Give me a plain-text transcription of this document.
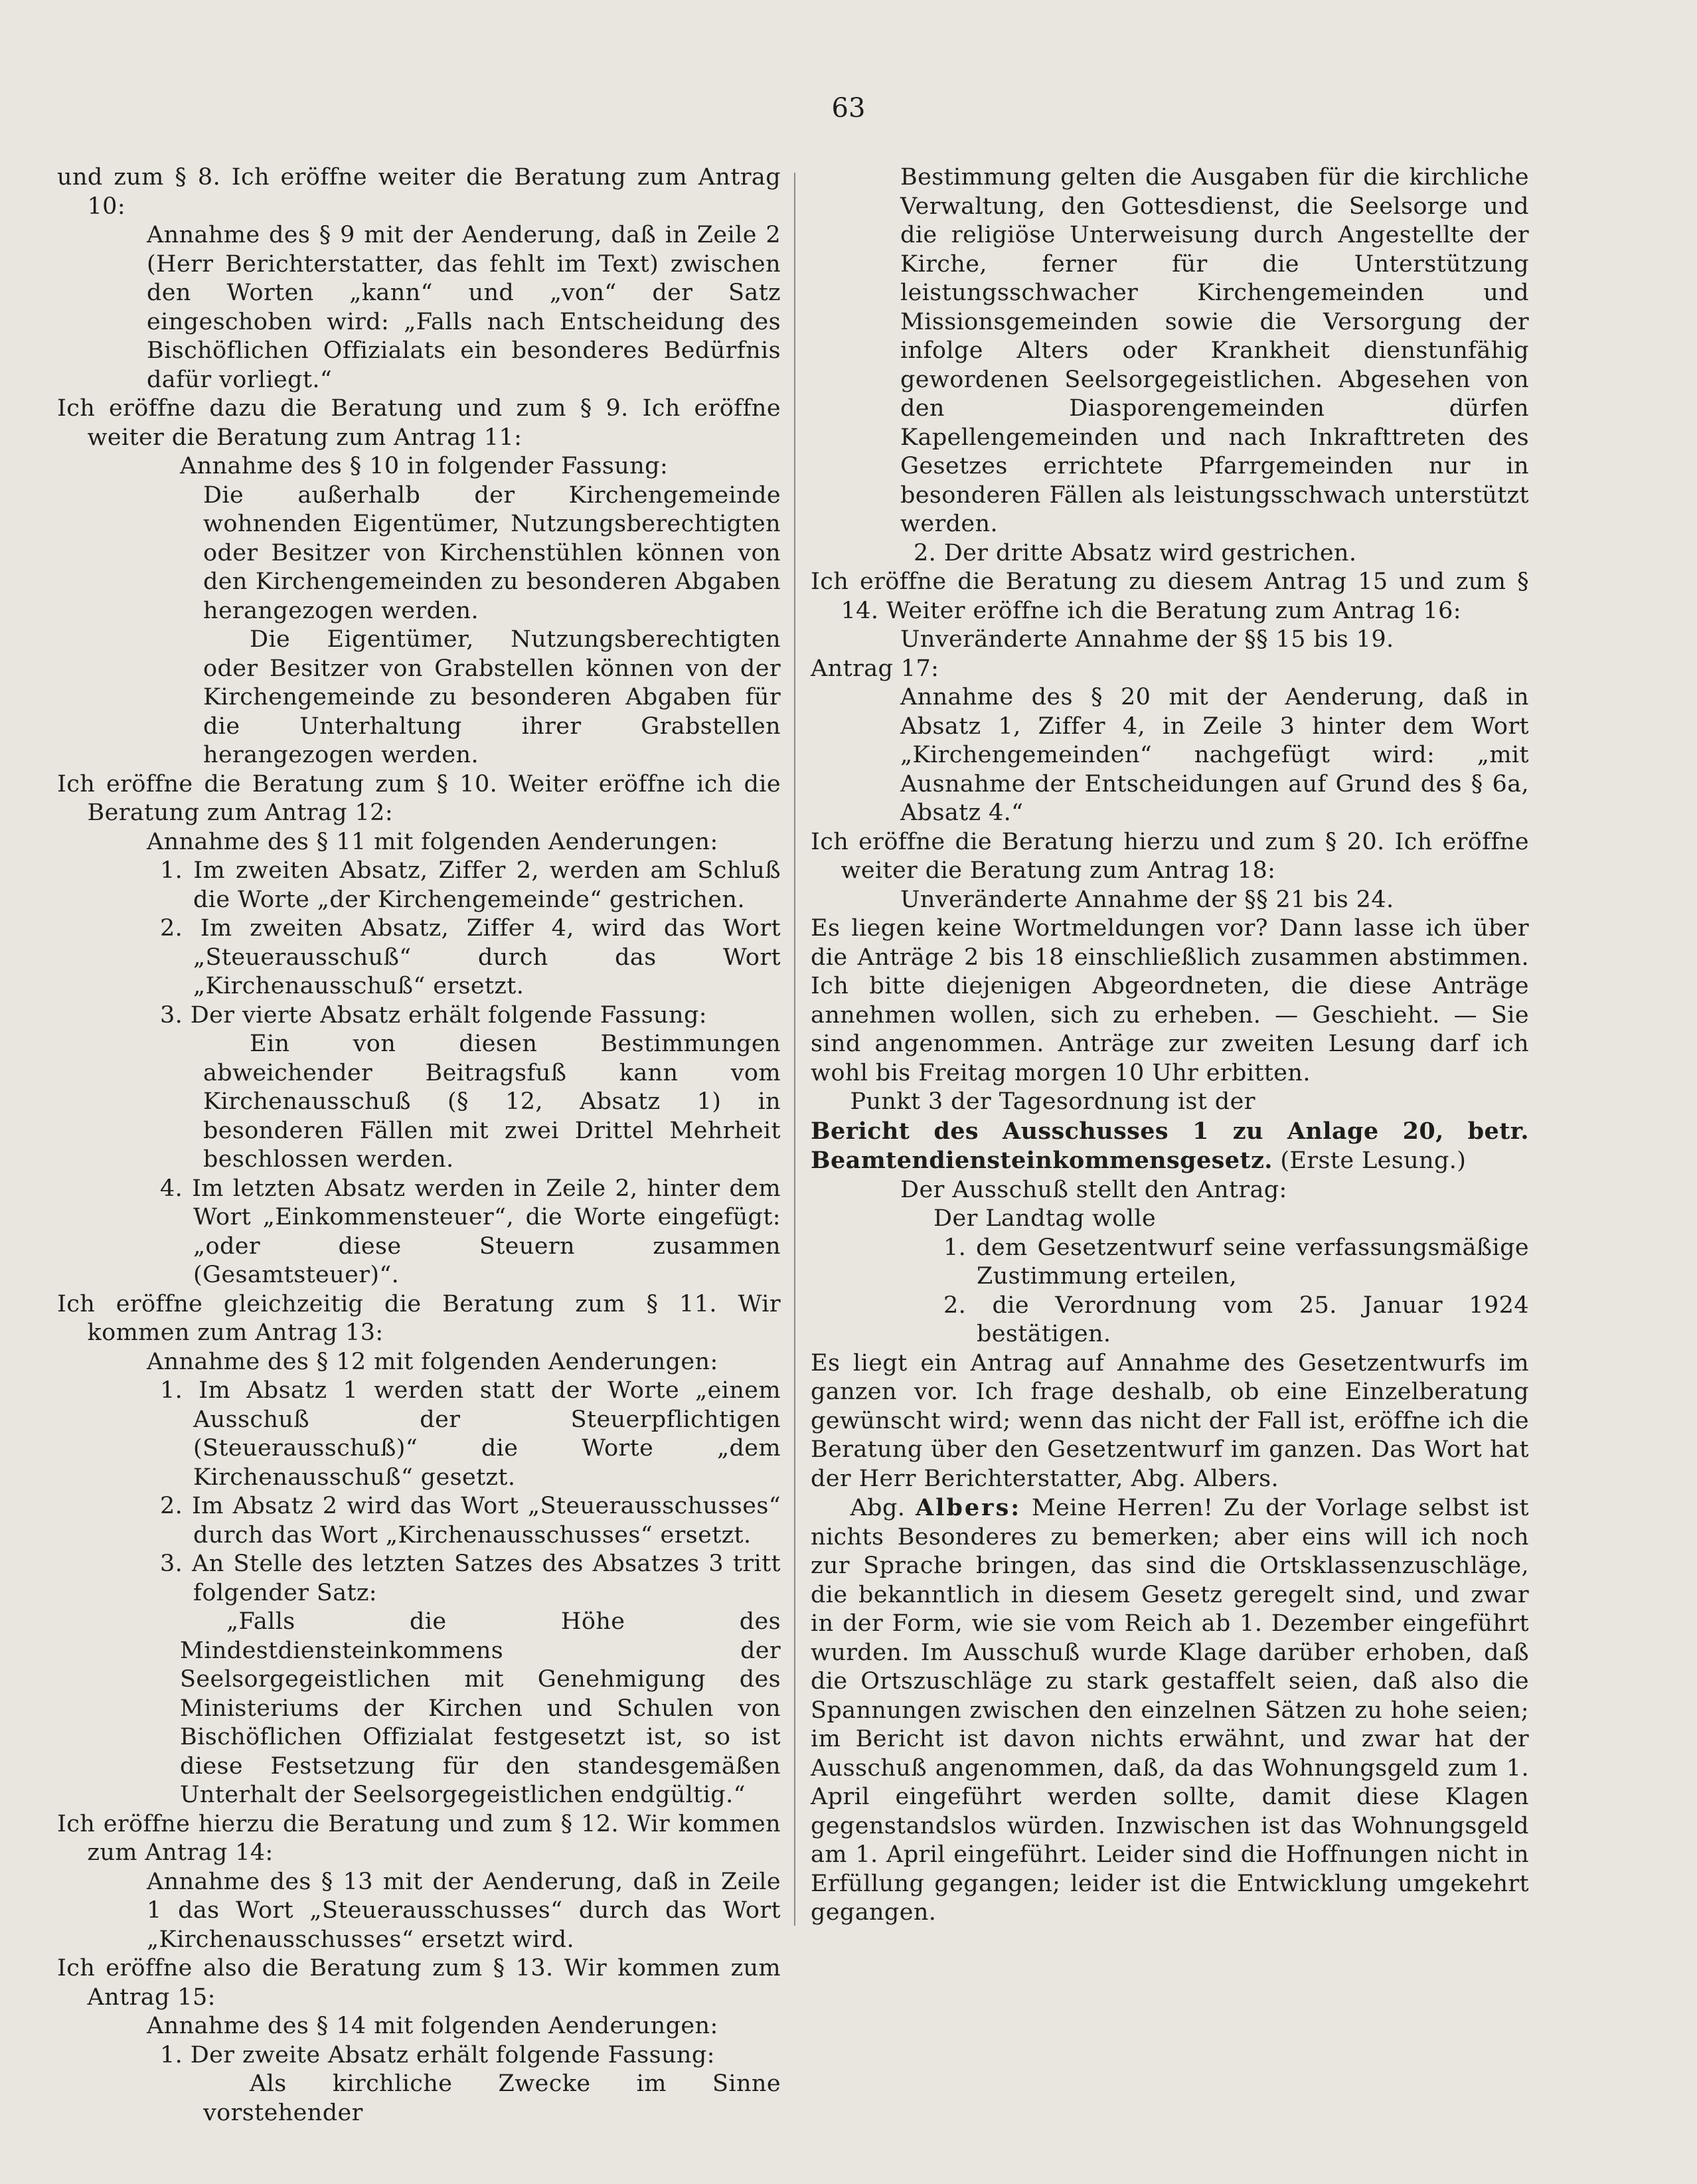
63

und zum § 8. Ich eröffne weiter die Beratung zum Antrag 10:

Annahme des § 9 mit der Aenderung, daß in Zeile 2 (Herr Berichterstatter, das fehlt im Text) zwischen den Worten „kann“ und „von“ der Satz eingeschoben wird: „Falls nach Entscheidung des Bischöflichen Offizialats ein besonderes Bedürfnis dafür vorliegt.“

Ich eröffne dazu die Beratung und zum § 9. Ich eröffne weiter die Beratung zum Antrag 11:

Annahme des § 10 in folgender Fassung:

Die außerhalb der Kirchengemeinde wohnenden Eigentümer, Nutzungsberechtigten oder Besitzer von Kirchenstühlen können von den Kirchengemeinden zu besonderen Abgaben herangezogen werden.

Die Eigentümer, Nutzungsberechtigten oder Besitzer von Grabstellen können von der Kirchengemeinde zu besonderen Abgaben für die Unterhaltung ihrer Grabstellen herangezogen werden.

Ich eröffne die Beratung zum § 10. Weiter eröffne ich die Beratung zum Antrag 12:

Annahme des § 11 mit folgenden Aenderungen:

1. Im zweiten Absatz, Ziffer 2, werden am Schluß die Worte „der Kirchengemeinde“ gestrichen.

2. Im zweiten Absatz, Ziffer 4, wird das Wort „Steuerausschuß“ durch das Wort „Kirchenausschuß“ ersetzt.

3. Der vierte Absatz erhält folgende Fassung:

Ein von diesen Bestimmungen abweichender Beitragsfuß kann vom Kirchenausschuß (§ 12, Absatz 1) in besonderen Fällen mit zwei Drittel Mehrheit beschlossen werden.

4. Im letzten Absatz werden in Zeile 2, hinter dem Wort „Einkommensteuer“, die Worte eingefügt: „oder diese Steuern zusammen (Gesamtsteuer)“.

Ich eröffne gleichzeitig die Beratung zum § 11. Wir kommen zum Antrag 13:

Annahme des § 12 mit folgenden Aenderungen:

1. Im Absatz 1 werden statt der Worte „einem Ausschuß der Steuerpflichtigen (Steuerausschuß)“ die Worte „dem Kirchenausschuß“ gesetzt.

2. Im Absatz 2 wird das Wort „Steuerausschusses“ durch das Wort „Kirchenausschusses“ ersetzt.

3. An Stelle des letzten Satzes des Absatzes 3 tritt folgender Satz:

„Falls die Höhe des Mindestdiensteinkommens der Seelsorgegeistlichen mit Genehmigung des Ministeriums der Kirchen und Schulen von Bischöflichen Offizialat festgesetzt ist, so ist diese Festsetzung für den standesgemäßen Unterhalt der Seelsorgegeistlichen endgültig.“

Ich eröffne hierzu die Beratung und zum § 12. Wir kommen zum Antrag 14:

Annahme des § 13 mit der Aenderung, daß in Zeile 1 das Wort „Steuerausschusses“ durch das Wort „Kirchenausschusses“ ersetzt wird.

Ich eröffne also die Beratung zum § 13. Wir kommen zum Antrag 15:

Annahme des § 14 mit folgenden Aenderungen:

1. Der zweite Absatz erhält folgende Fassung:

Als kirchliche Zwecke im Sinne vorstehender

Bestimmung gelten die Ausgaben für die kirchliche Verwaltung, den Gottesdienst, die Seelsorge und die religiöse Unterweisung durch Angestellte der Kirche, ferner für die Unterstützung leistungsschwacher Kirchengemeinden und Missionsgemeinden sowie die Versorgung der infolge Alters oder Krankheit dienstunfähig gewordenen Seelsorgegeistlichen. Abgesehen von den Diasporengemeinden dürfen Kapellengemeinden und nach Inkrafttreten des Gesetzes errichtete Pfarrgemeinden nur in besonderen Fällen als leistungsschwach unterstützt werden.

2. Der dritte Absatz wird gestrichen.

Ich eröffne die Beratung zu diesem Antrag 15 und zum § 14. Weiter eröffne ich die Beratung zum Antrag 16:

Unveränderte Annahme der §§ 15 bis 19.

Antrag 17:

Annahme des § 20 mit der Aenderung, daß in Absatz 1, Ziffer 4, in Zeile 3 hinter dem Wort „Kirchengemeinden“ nachgefügt wird: „mit Ausnahme der Entscheidungen auf Grund des § 6a, Absatz 4.“

Ich eröffne die Beratung hierzu und zum § 20. Ich eröffne weiter die Beratung zum Antrag 18:

Unveränderte Annahme der §§ 21 bis 24.

Es liegen keine Wortmeldungen vor? Dann lasse ich über die Anträge 2 bis 18 einschließlich zusammen abstimmen. Ich bitte diejenigen Abgeordneten, die diese Anträge annehmen wollen, sich zu erheben. — Geschieht. — Sie sind angenommen. Anträge zur zweiten Lesung darf ich wohl bis Freitag morgen 10 Uhr erbitten.

Punkt 3 der Tagesordnung ist der

Bericht des Ausschusses 1 zu Anlage 20, betr. Beamtendiensteinkommensgesetz. (Erste Lesung.)

Der Ausschuß stellt den Antrag:

Der Landtag wolle

1. dem Gesetzentwurf seine verfassungsmäßige Zustimmung erteilen,

2. die Verordnung vom 25. Januar 1924 bestätigen.

Es liegt ein Antrag auf Annahme des Gesetzentwurfs im ganzen vor. Ich frage deshalb, ob eine Einzelberatung gewünscht wird; wenn das nicht der Fall ist, eröffne ich die Beratung über den Gesetzentwurf im ganzen. Das Wort hat der Herr Berichterstatter, Abg. Albers.

Abg. Albers: Meine Herren! Zu der Vorlage selbst ist nichts Besonderes zu bemerken; aber eins will ich noch zur Sprache bringen, das sind die Ortsklassenzuschläge, die bekanntlich in diesem Gesetz geregelt sind, und zwar in der Form, wie sie vom Reich ab 1. Dezember eingeführt wurden. Im Ausschuß wurde Klage darüber erhoben, daß die Ortszuschläge zu stark gestaffelt seien, daß also die Spannungen zwischen den einzelnen Sätzen zu hohe seien; im Bericht ist davon nichts erwähnt, und zwar hat der Ausschuß angenommen, daß, da das Wohnungsgeld zum 1. April eingeführt werden sollte, damit diese Klagen gegenstandslos würden. Inzwischen ist das Wohnungsgeld am 1. April eingeführt. Leider sind die Hoffnungen nicht in Erfüllung gegangen; leider ist die Entwicklung umgekehrt gegangen.
